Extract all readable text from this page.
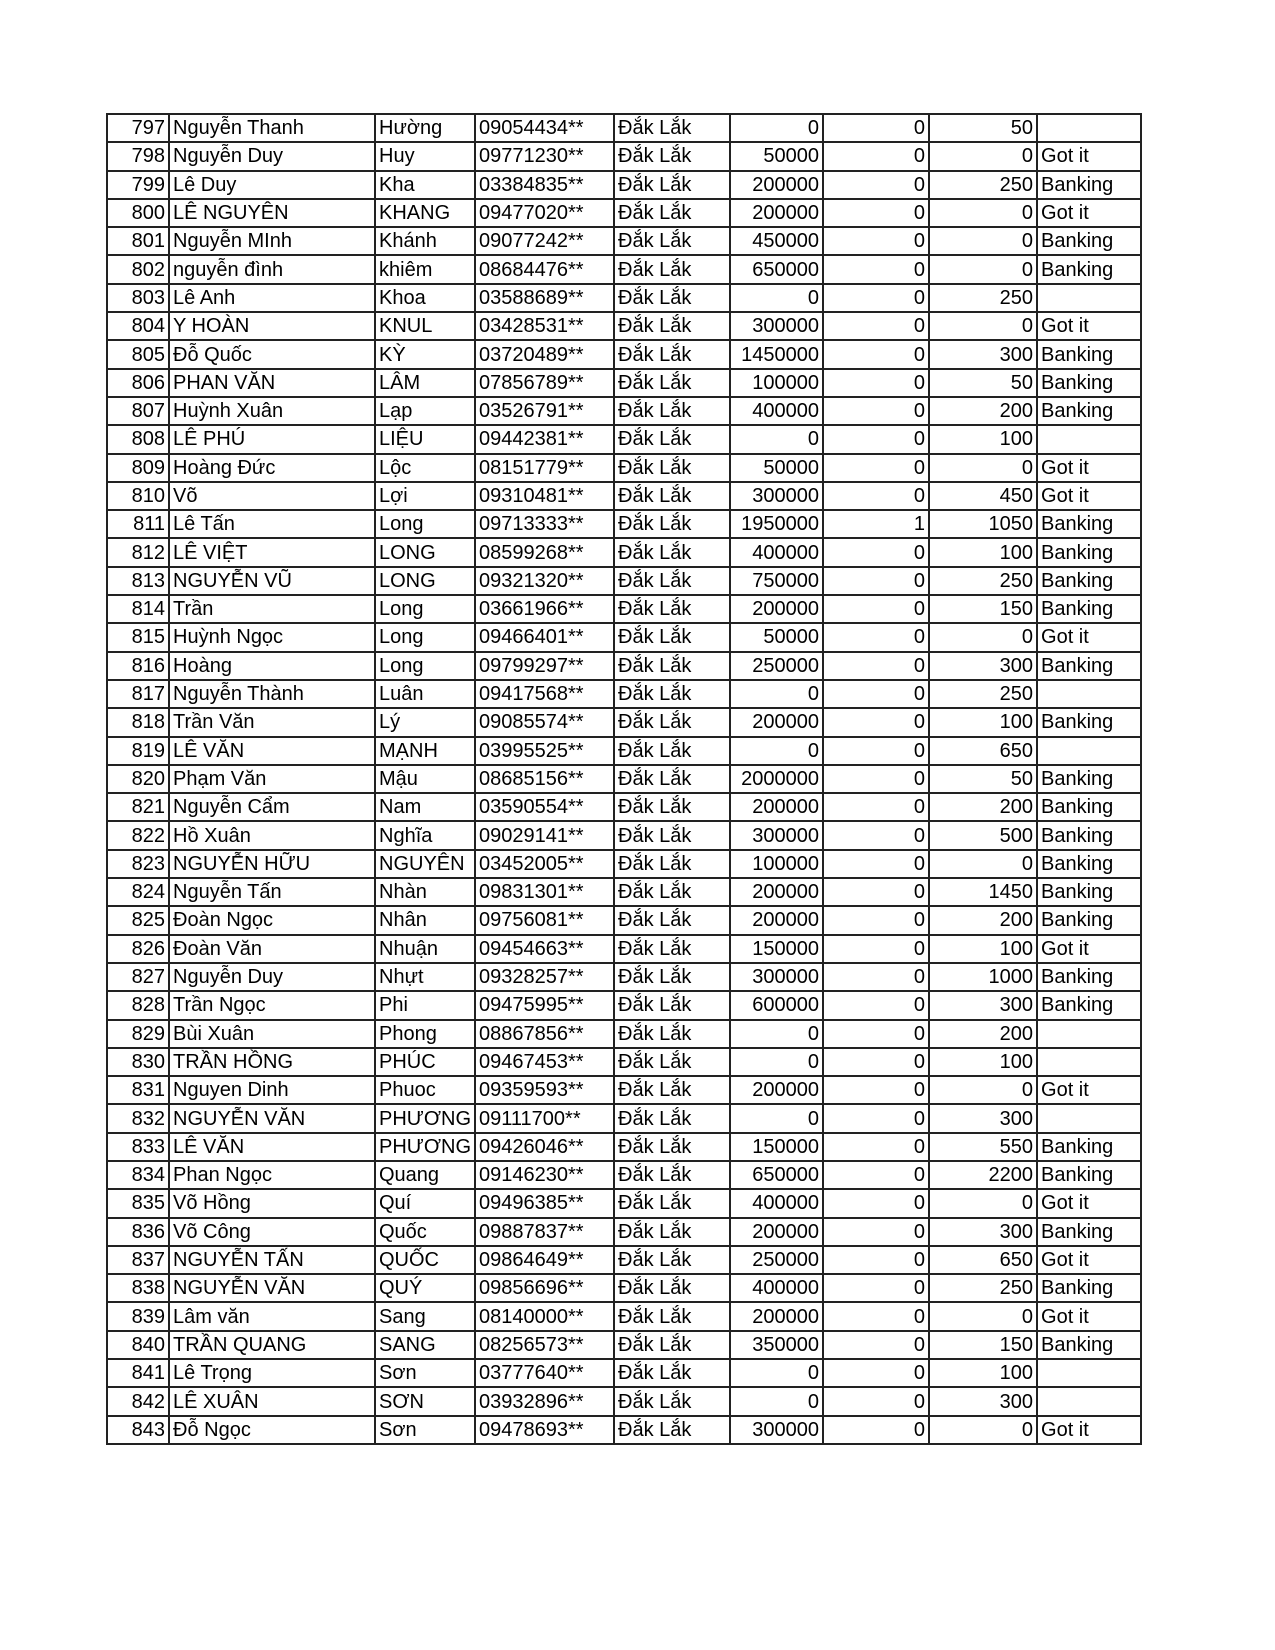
797	Nguyễn Thanh	Hường	09054434**	Đắk Lắk	0	0	50	
798	Nguyễn Duy	Huy	09771230**	Đắk Lắk	50000	0	0	Got it
799	Lê Duy	Kha	03384835**	Đắk Lắk	200000	0	250	Banking
800	LÊ NGUYÊN	KHANG	09477020**	Đắk Lắk	200000	0	0	Got it
801	Nguyễn MInh	Khánh	09077242**	Đắk Lắk	450000	0	0	Banking
802	nguyễn đình	khiêm	08684476**	Đắk Lắk	650000	0	0	Banking
803	Lê Anh	Khoa	03588689**	Đắk Lắk	0	0	250	
804	Y HOÀN	KNUL	03428531**	Đắk Lắk	300000	0	0	Got it
805	Đỗ Quốc	KỲ	03720489**	Đắk Lắk	1450000	0	300	Banking
806	PHAN VĂN	LÂM	07856789**	Đắk Lắk	100000	0	50	Banking
807	Huỳnh Xuân	Lạp	03526791**	Đắk Lắk	400000	0	200	Banking
808	LÊ PHÚ	LIỆU	09442381**	Đắk Lắk	0	0	100	
809	Hoàng Đức	Lộc	08151779**	Đắk Lắk	50000	0	0	Got it
810	Võ	Lợi	09310481**	Đắk Lắk	300000	0	450	Got it
811	Lê Tấn	Long	09713333**	Đắk Lắk	1950000	1	1050	Banking
812	LÊ VIỆT	LONG	08599268**	Đắk Lắk	400000	0	100	Banking
813	NGUYỄN VŨ	LONG	09321320**	Đắk Lắk	750000	0	250	Banking
814	Trần	Long	03661966**	Đắk Lắk	200000	0	150	Banking
815	Huỳnh Ngọc	Long	09466401**	Đắk Lắk	50000	0	0	Got it
816	Hoàng	Long	09799297**	Đắk Lắk	250000	0	300	Banking
817	Nguyễn Thành	Luân	09417568**	Đắk Lắk	0	0	250	
818	Trần Văn	Lý	09085574**	Đắk Lắk	200000	0	100	Banking
819	LÊ VĂN	MẠNH	03995525**	Đắk Lắk	0	0	650	
820	Phạm Văn	Mậu	08685156**	Đắk Lắk	2000000	0	50	Banking
821	Nguyễn Cẩm	Nam	03590554**	Đắk Lắk	200000	0	200	Banking
822	Hồ Xuân	Nghĩa	09029141**	Đắk Lắk	300000	0	500	Banking
823	NGUYỄN HỮU	NGUYÊN	03452005**	Đắk Lắk	100000	0	0	Banking
824	Nguyễn Tấn	Nhàn	09831301**	Đắk Lắk	200000	0	1450	Banking
825	Đoàn Ngọc	Nhân	09756081**	Đắk Lắk	200000	0	200	Banking
826	Đoàn Văn	Nhuận	09454663**	Đắk Lắk	150000	0	100	Got it
827	Nguyễn Duy	Nhựt	09328257**	Đắk Lắk	300000	0	1000	Banking
828	Trần Ngọc	Phi	09475995**	Đắk Lắk	600000	0	300	Banking
829	Bùi Xuân	Phong	08867856**	Đắk Lắk	0	0	200	
830	TRẦN HỒNG	PHÚC	09467453**	Đắk Lắk	0	0	100	
831	Nguyen Dinh	Phuoc	09359593**	Đắk Lắk	200000	0	0	Got it
832	NGUYỄN VĂN	PHƯƠNG	09111700**	Đắk Lắk	0	0	300	
833	LÊ VĂN	PHƯƠNG	09426046**	Đắk Lắk	150000	0	550	Banking
834	Phan Ngọc	Quang	09146230**	Đắk Lắk	650000	0	2200	Banking
835	Võ Hồng	Quí	09496385**	Đắk Lắk	400000	0	0	Got it
836	Võ Công	Quốc	09887837**	Đắk Lắk	200000	0	300	Banking
837	NGUYỄN TẤN	QUỐC	09864649**	Đắk Lắk	250000	0	650	Got it
838	NGUYỄN VĂN	QUÝ	09856696**	Đắk Lắk	400000	0	250	Banking
839	Lâm văn	Sang	08140000**	Đắk Lắk	200000	0	0	Got it
840	TRẦN QUANG	SANG	08256573**	Đắk Lắk	350000	0	150	Banking
841	Lê Trọng	Sơn	03777640**	Đắk Lắk	0	0	100	
842	LÊ XUÂN	SƠN	03932896**	Đắk Lắk	0	0	300	
843	Đỗ Ngọc	Sơn	09478693**	Đắk Lắk	300000	0	0	Got it
